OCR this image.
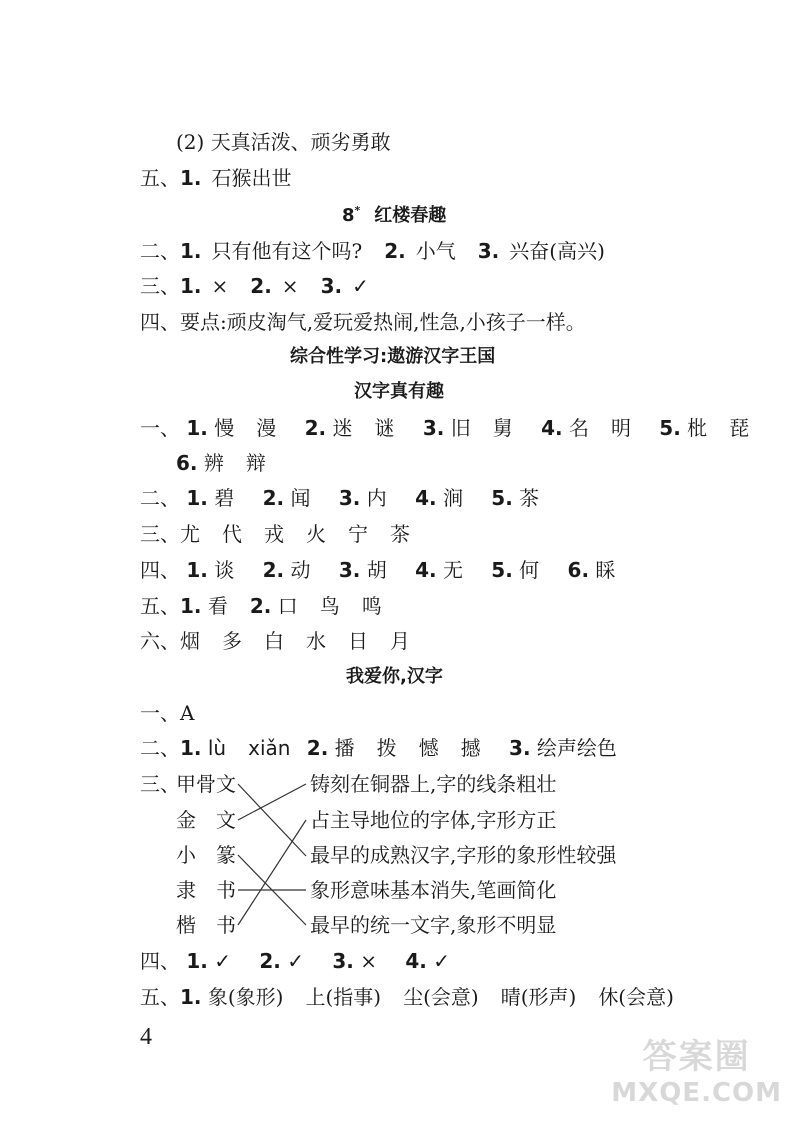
(2) 天真活泼、顽劣勇敢
五、1. 石猴出世
8* 红楼春趣
二、1. 只有他有这个吗? 2. 小气 3. 兴奋(高兴)
三、1. × 2. × 3. ✓
四、要点:顽皮淘气,爱玩爱热闹,性急,小孩子一样。
综合性学习:遨游汉字王国
汉字真有趣
一、 1. 慢 漫 2. 迷 谜 3. 旧 舅 4. 名 明 5. 枇 琵
6. 辨 辩
二、 1. 碧 2. 闻 3. 内 4. 涧 5. 茶
三、尤 代 戎 火 宁 茶
四、 1. 谈 2. 动 3. 胡 4. 无 5. 何 6. 睬
五、1. 看 2. 口 鸟 鸣
六、烟 多 白 水 日 月
我爱你,汉字
一、A
二、1. lù xiǎn 2. 播 拨 憾 撼 3. 绘声绘色
三、
甲骨文
金　文
小　篆
隶　书
楷　书
铸刻在铜器上,字的线条粗壮
占主导地位的字体,字形方正
最早的成熟汉字,字形的象形性较强
象形意味基本消失,笔画简化
最早的统一文字,象形不明显
四、 1. ✓ 2. ✓ 3. × 4. ✓
五、1. 象(象形) 上(指事) 尘(会意) 晴(形声) 休(会意)
4	答案圈
MXQE.COM
